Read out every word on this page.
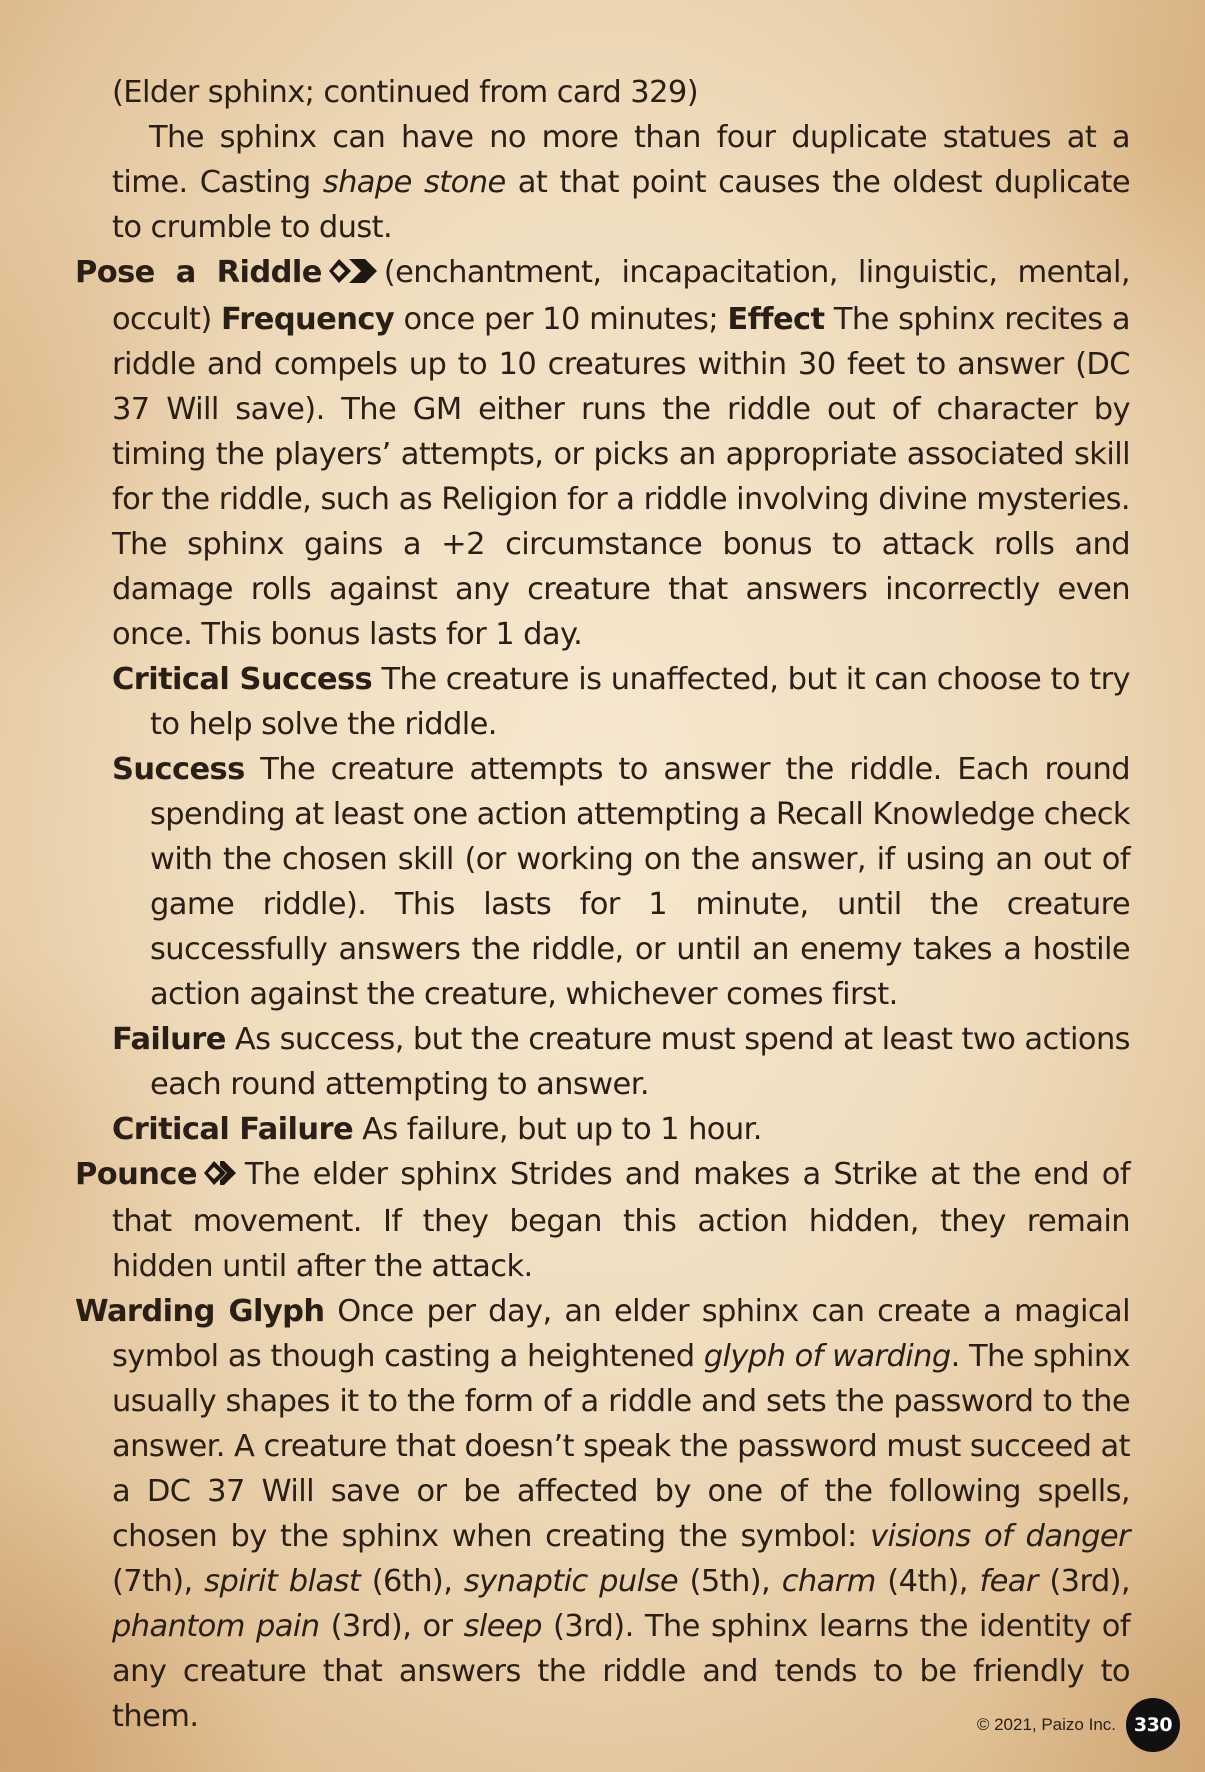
(Elder sphinx; continued from card 329)

The sphinx can have no more than four duplicate statues at a time. Casting shape stone at that point causes the oldest duplicate to crumble to dust.

Pose a Riddle (enchantment, incapacitation, linguistic, mental, occult) Frequency once per 10 minutes; Effect The sphinx recites a riddle and compels up to 10 creatures within 30 feet to answer (DC 37 Will save). The GM either runs the riddle out of character by timing the players’ attempts, or picks an appropriate associated skill for the riddle, such as Religion for a riddle involving divine mysteries. The sphinx gains a +2 circumstance bonus to attack rolls and damage rolls against any creature that answers incorrectly even once. This bonus lasts for 1 day.

Critical Success The creature is unaffected, but it can choose to try to help solve the riddle.

Success The creature attempts to answer the riddle. Each round spending at least one action attempting a Recall Knowledge check with the chosen skill (or working on the answer, if using an out of game riddle). This lasts for 1 minute, until the creature successfully answers the riddle, or until an enemy takes a hostile action against the creature, whichever comes first.

Failure As success, but the creature must spend at least two actions each round attempting to answer.

Critical Failure As failure, but up to 1 hour.

Pounce The elder sphinx Strides and makes a Strike at the end of that movement. If they began this action hidden, they remain hidden until after the attack.

Warding Glyph Once per day, an elder sphinx can create a magical symbol as though casting a heightened glyph of warding. The sphinx usually shapes it to the form of a riddle and sets the password to the answer. A creature that doesn’t speak the password must succeed at a DC 37 Will save or be affected by one of the following spells, chosen by the sphinx when creating the symbol: visions of danger (7th), spirit blast (6th), synaptic pulse (5th), charm (4th), fear (3rd), phantom pain (3rd), or sleep (3rd). The sphinx learns the identity of any creature that answers the riddle and tends to be friendly to them.	© 2021, Paizo Inc. 330
